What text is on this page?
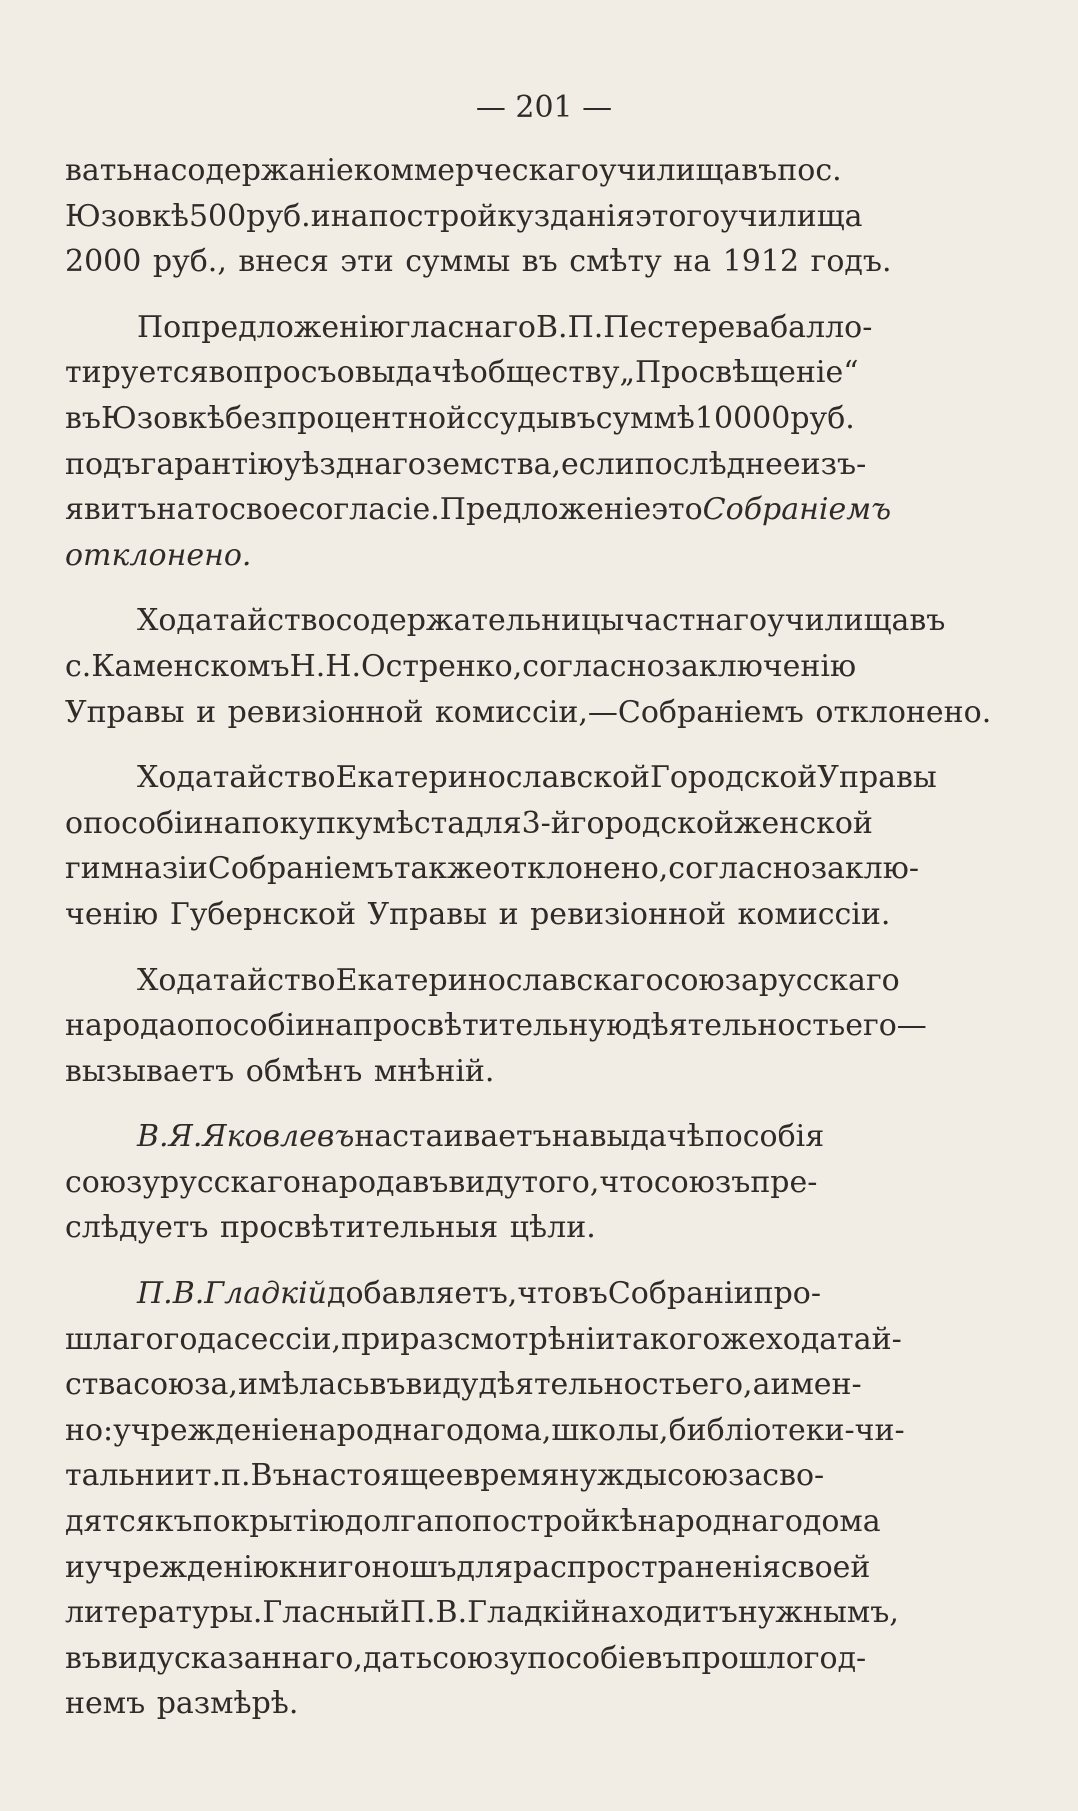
— 201 —
ватьнасодержаніекоммерческагоучилищавъпос.
Юзовкѣ500руб.инапостройкузданіяэтогоучилища
2000 руб., внеся эти суммы въ смѣту на 1912 годъ.
ПопредложеніюгласнагоВ.П.Пестеревабалло-
тируетсявопросъовыдачѣобществу„Просвѣщеніе“
въЮзовкѣбезпроцентнойссудывъсуммѣ10000руб.
подъгарантіюуѣзднагоземства,еслипослѣднееизъ-
явитънатосвоесогласіе.ПредложеніеэтоСобраніемъ
отклонено.
Ходатайствосодержательницычастнагоучилищавъ
с.КаменскомъН.Н.Остренко,согласнозаключенію
Управы и ревизіонной комиссіи,—Собраніемъ отклонено.
ХодатайствоЕкатеринославскойГородскойУправы
опособіинапокупкумѣстадля3-йгородскойженской
гимназіиСобраніемътакжеотклонено,согласнозаклю-
ченію Губернской Управы и ревизіонной комиссіи.
ХодатайствоЕкатеринославскагосоюзарусскаго
народаопособіинапросвѣтительнуюдѣятельностьего—
вызываетъ обмѣнъ мнѣній.
В.Я.Яковлевънастаиваетънавыдачѣпособія
союзурусскагонародавъвидутого,чтосоюзъпре-
слѣдуетъ просвѣтительныя цѣли.
П.В.Гладкійдобавляетъ,чтовъСобраніипро-
шлагогодасессіи,приразсмотрѣніитакогожеходатай-
ствасоюза,имѣласьвъвидудѣятельностьего,аимен-
но:учрежденіенароднагодома,школы,библіотеки-чи-
тальниит.п.Вънастоящеевремянуждысоюзасво-
дятсякъпокрытіюдолгапопостройкѣнароднагодома
иучрежденіюкнигоношъдляраспространеніясвоей
литературы.ГласныйП.В.Гладкійнаходитънужнымъ,
въвидусказаннаго,датьсоюзупособіевъпрошлогод-
немъ размѣрѣ.
